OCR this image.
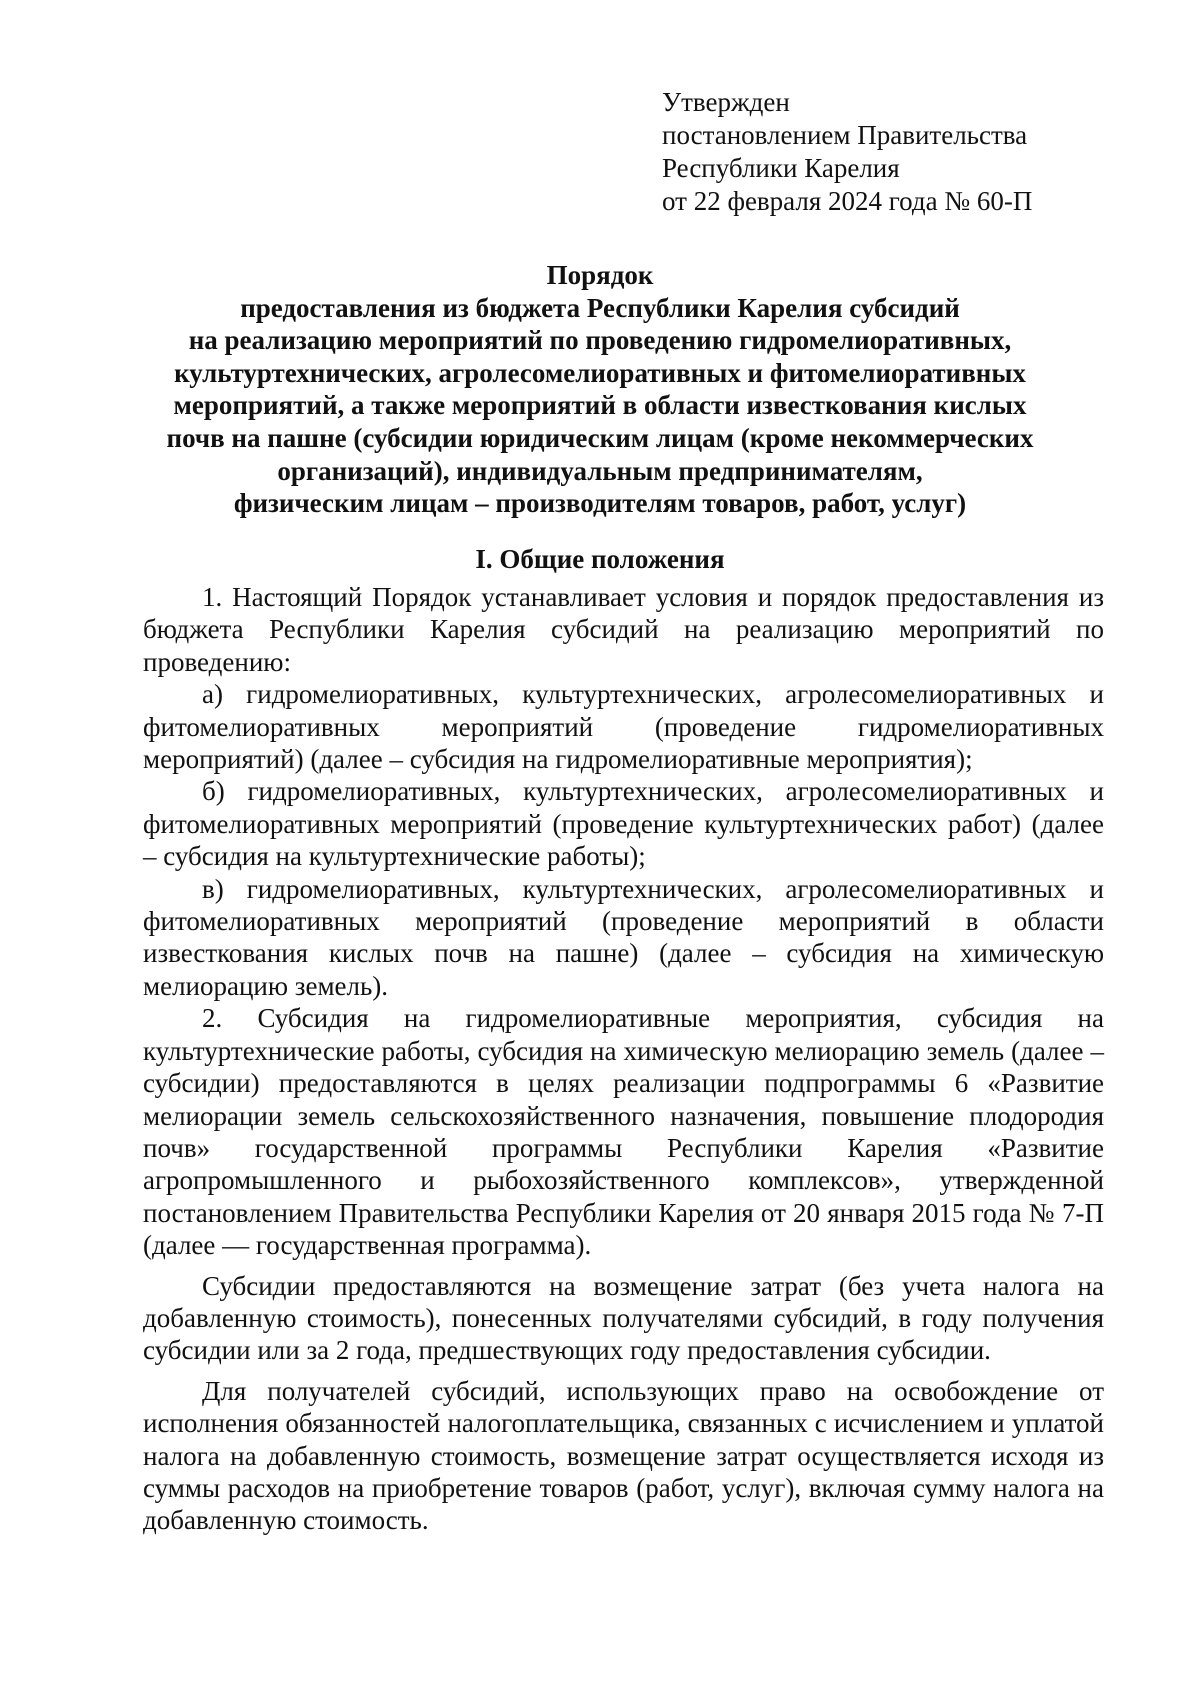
Утвержден
постановлением Правительства
Республики Карелия
от 22 февраля 2024 года № 60-П
Порядок
предоставления из бюджета Республики Карелия субсидий
на реализацию мероприятий по проведению гидромелиоративных,
культуртехнических, агролесомелиоративных и фитомелиоративных
мероприятий, а также мероприятий в области известкования кислых
почв на пашне (субсидии юридическим лицам (кроме некоммерческих
организаций), индивидуальным предпринимателям,
физическим лицам – производителям товаров, работ, услуг)
I. Общие положения

1. Настоящий Порядок устанавливает условия и порядок предоставления из бюджета Республики Карелия субсидий на реализацию мероприятий по проведению:

а) гидромелиоративных, культуртехнических, агролесомелиоративных и фитомелиоративных мероприятий (проведение гидромелиоративных мероприятий) (далее – субсидия на гидромелиоративные мероприятия);

б) гидромелиоративных, культуртехнических, агролесомелиоративных и фитомелиоративных мероприятий (проведение культуртехнических работ) (далее – субсидия на культуртехнические работы);

в) гидромелиоративных, культуртехнических, агролесомелиоративных и фитомелиоративных мероприятий (проведение мероприятий в области известкования кислых почв на пашне) (далее – субсидия на химическую мелиорацию земель).

2. Субсидия на гидромелиоративные мероприятия, субсидия на культуртехнические работы, субсидия на химическую мелиорацию земель (далее – субсидии) предоставляются в целях реализации подпрограммы 6 «Развитие мелиорации земель сельскохозяйственного назначения, повышение плодородия почв» государственной программы Республики Карелия «Развитие агропромышленного и рыбохозяйственного комплексов», утвержденной постановлением Правительства Республики Карелия от 20 января 2015 года № 7-П (далее — государственная программа).

Субсидии предоставляются на возмещение затрат (без учета налога на добавленную стоимость), понесенных получателями субсидий, в году получения субсидии или за 2 года, предшествующих году предоставления субсидии.

Для получателей субсидий, использующих право на освобождение от исполнения обязанностей налогоплательщика, связанных с исчислением и уплатой налога на добавленную стоимость, возмещение затрат осуществляется исходя из суммы расходов на приобретение товаров (работ, услуг), включая сумму налога на добавленную стоимость.
